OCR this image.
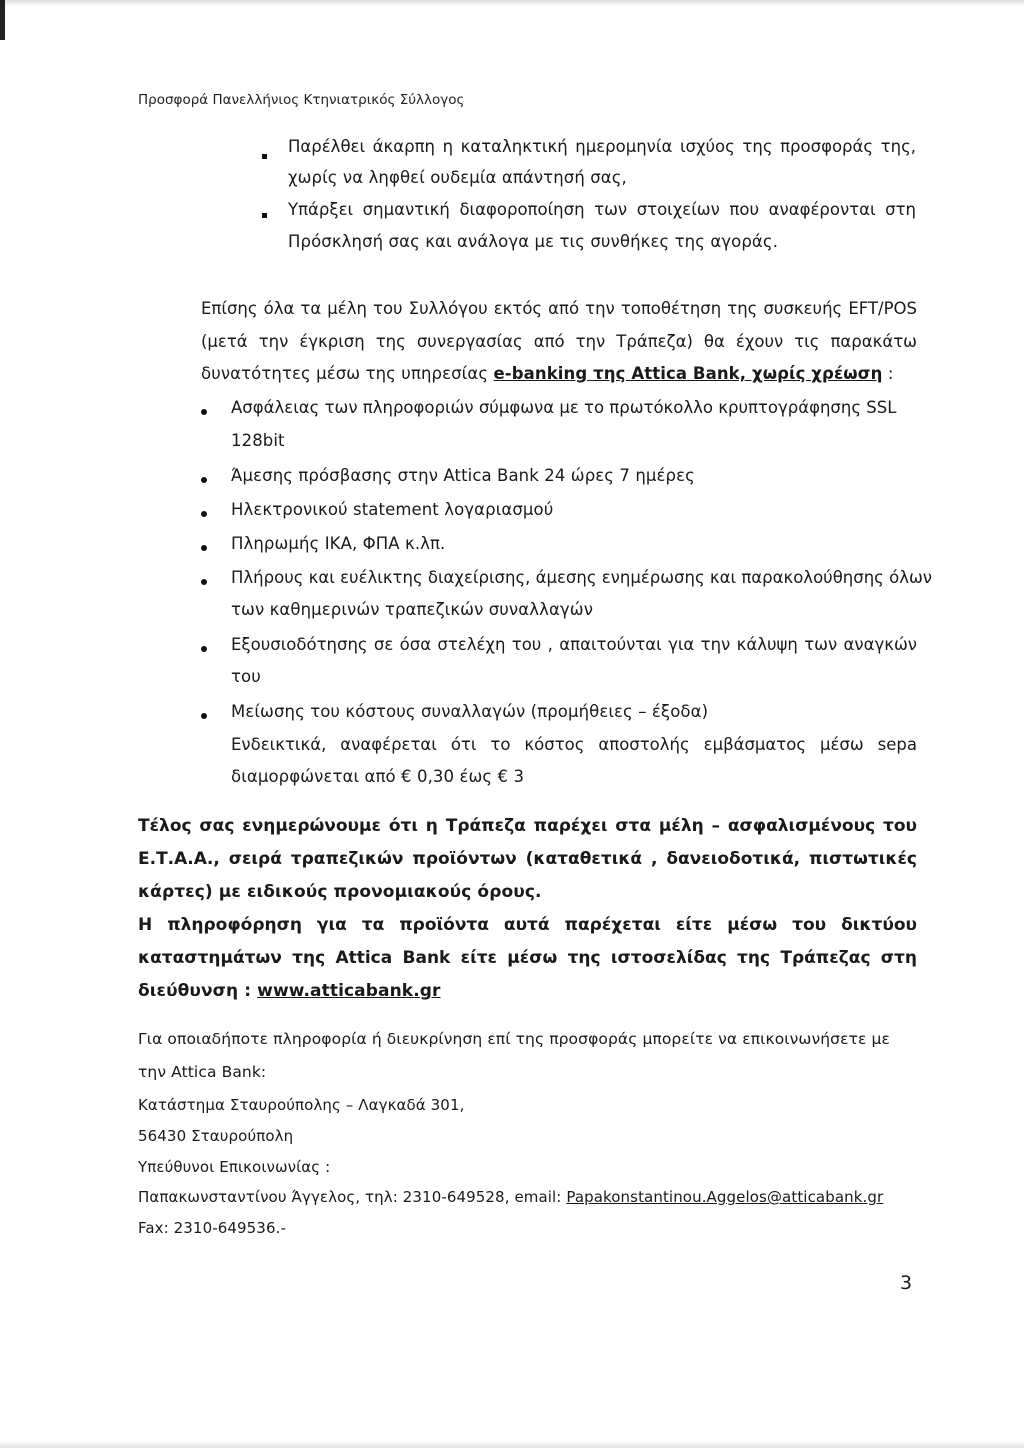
Προσφορά Πανελλήνιος Κτηνιατρικός Σύλλογος
Παρέλθει άκαρπη η καταληκτική ημερομηνία ισχύος της προσφοράς της,
χωρίς να ληφθεί ουδεμία απάντησή σας,
Υπάρξει σημαντική διαφοροποίηση των στοιχείων που αναφέρονται στη
Πρόσκλησή σας και ανάλογα με τις συνθήκες της αγοράς.
Επίσης όλα τα μέλη του Συλλόγου εκτός από την τοποθέτηση της συσκευής EFT/POS
(μετά την έγκριση της συνεργασίας από την Τράπεζα) θα έχουν τις παρακάτω
δυνατότητες μέσω της υπηρεσίας e-banking της Attica Bank, χωρίς χρέωση :
Ασφάλειας των πληροφοριών σύμφωνα με το πρωτόκολλο κρυπτογράφησης SSL
128bit
Άμεσης πρόσβασης στην Attica Bank 24 ώρες 7 ημέρες
Ηλεκτρονικού statement λογαριασμού
Πληρωμής ΙΚΑ, ΦΠΑ κ.λπ.
Πλήρους και ευέλικτης διαχείρισης, άμεσης ενημέρωσης και παρακολούθησης όλων
των καθημερινών τραπεζικών συναλλαγών
Εξουσιοδότησης σε όσα στελέχη του , απαιτούνται για την κάλυψη των αναγκών
του
Μείωσης του κόστους συναλλαγών (προμήθειες – έξοδα)
Ενδεικτικά, αναφέρεται ότι το κόστος αποστολής εμβάσματος μέσω sepa
διαμορφώνεται από € 0,30 έως € 3
Τέλος σας ενημερώνουμε ότι η Τράπεζα παρέχει στα μέλη – ασφαλισμένους του
Ε.Τ.Α.Α., σειρά τραπεζικών προϊόντων (καταθετικά , δανειοδοτικά, πιστωτικές
κάρτες) με ειδικούς προνομιακούς όρους.
Η πληροφόρηση για τα προϊόντα αυτά παρέχεται είτε μέσω του δικτύου
καταστημάτων της Attica Bank είτε μέσω της ιστοσελίδας της Τράπεζας στη
διεύθυνση : www.atticabank.gr
Για οποιαδήποτε πληροφορία ή διευκρίνηση επί της προσφοράς μπορείτε να επικοινωνήσετε με
την Attica Bank:
Κατάστημα Σταυρούπολης – Λαγκαδά 301,
56430 Σταυρούπολη
Υπεύθυνοι Επικοινωνίας :
Παπακωνσταντίνου Άγγελος, τηλ: 2310-649528, email: Papakonstantinou.Aggelos@atticabank.gr
Fax: 2310-649536.-
3
